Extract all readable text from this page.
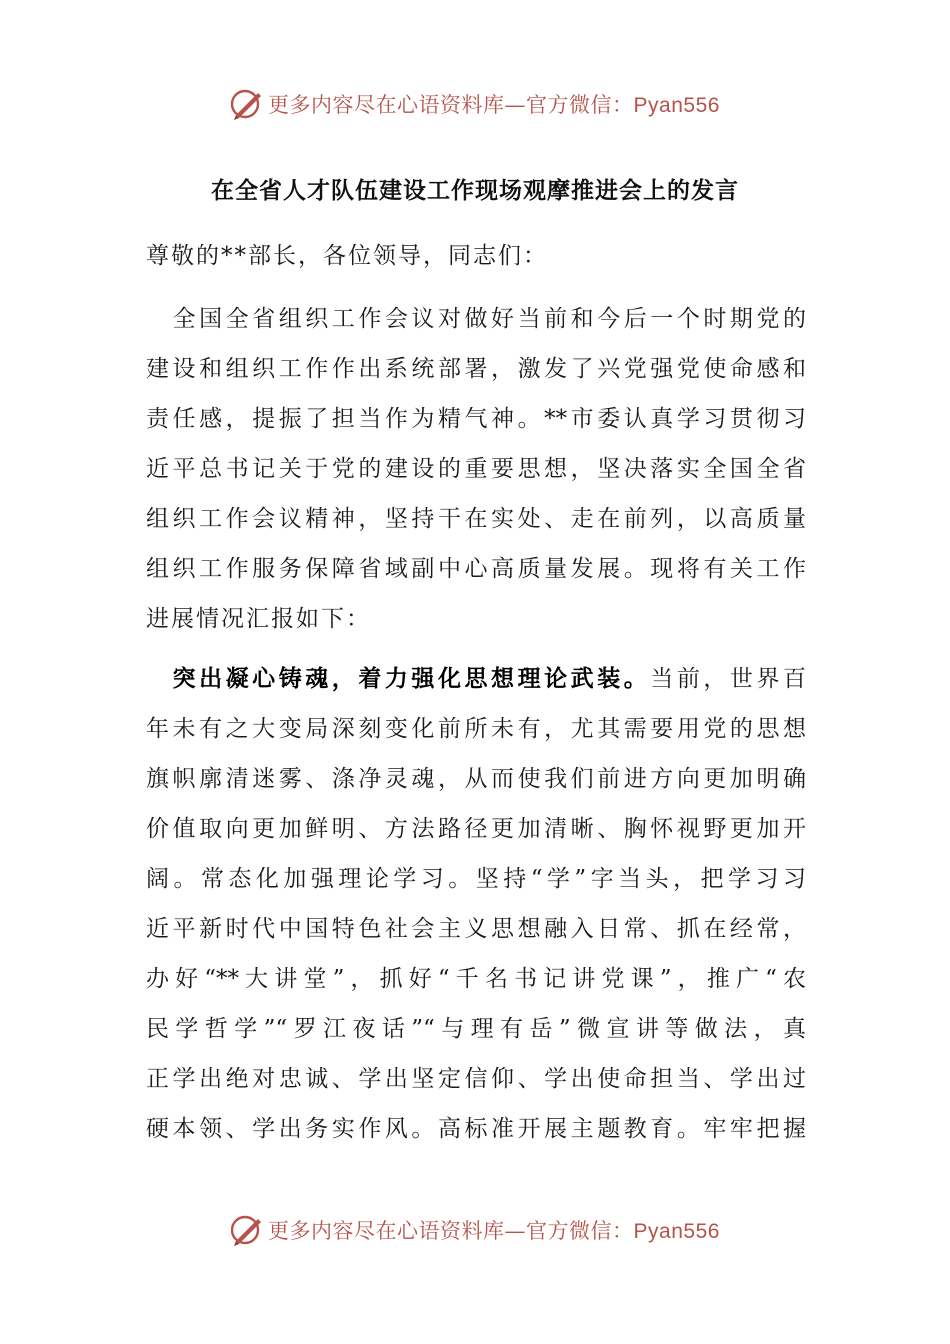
更多内容尽在心语资料库—官方微信：Pyan556
在全省人才队伍建设工作现场观摩推进会上的发言
尊敬的**部长，各位领导，同志们：
　全国全省组织工作会议对做好当前和今后一个时期党的
建设和组织工作作出系统部署，激发了兴党强党使命感和
责任感，提振了担当作为精气神。**市委认真学习贯彻习
近平总书记关于党的建设的重要思想，坚决落实全国全省
组织工作会议精神，坚持干在实处、走在前列，以高质量
组织工作服务保障省域副中心高质量发展。现将有关工作
进展情况汇报如下：
　突出凝心铸魂，着力强化思想理论武装。当前，世界百
年未有之大变局深刻变化前所未有，尤其需要用党的思想
旗帜廓清迷雾、涤净灵魂，从而使我们前进方向更加明确
价值取向更加鲜明、方法路径更加清晰、胸怀视野更加开
阔。常态化加强理论学习。坚持“学”字当头，把学习习
近平新时代中国特色社会主义思想融入日常、抓在经常，
办好“**大讲堂”，抓好“千名书记讲党课”，推广“农
民学哲学”“罗江夜话”“与理有岳”微宣讲等做法，真
正学出绝对忠诚、学出坚定信仰、学出使命担当、学出过
硬本领、学出务实作风。高标准开展主题教育。牢牢把握
更多内容尽在心语资料库—官方微信：Pyan556
